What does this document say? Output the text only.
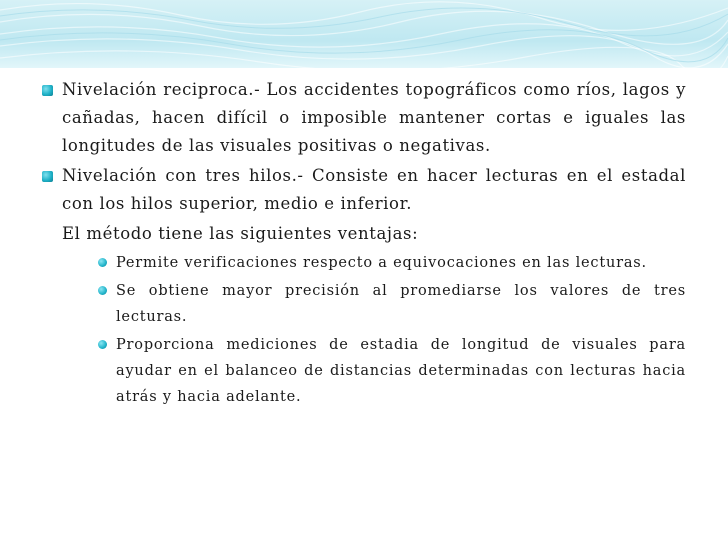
Nivelación reciproca.- Los accidentes topográficos como ríos, lagos y cañadas, hacen difícil o imposible mantener cortas e iguales las longitudes de las visuales positivas o negativas.
Nivelación con tres hilos.- Consiste en hacer lecturas en el estadal con los hilos superior, medio e inferior.
El método tiene las siguientes ventajas:
Permite verificaciones respecto a equivocaciones en las lecturas.
Se obtiene mayor precisión al promediarse los valores de tres lecturas.
Proporciona mediciones de estadia de longitud de visuales para ayudar en el balanceo de distancias determinadas con lecturas hacia atrás y hacia adelante.
